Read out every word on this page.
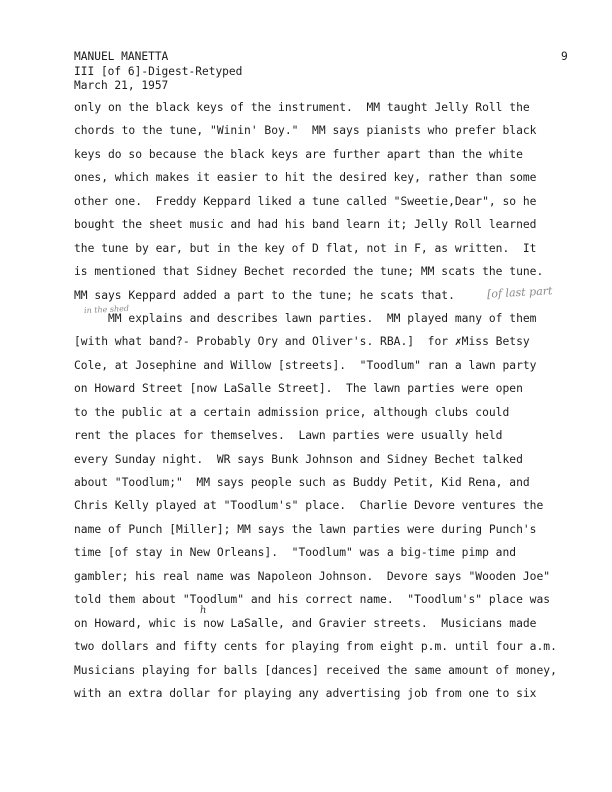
MANUEL MANETTA
III [of 6]-Digest-Retyped
March 21, 1957
9
only on the black keys of the instrument.  MM taught Jelly Roll the
chords to the tune, "Winin' Boy."  MM says pianists who prefer black
keys do so because the black keys are further apart than the white
ones, which makes it easier to hit the desired key, rather than some
other one.  Freddy Keppard liked a tune called "Sweetie,Dear", so he
bought the sheet music and had his band learn it; Jelly Roll learned
the tune by ear, but in the key of D flat, not in F, as written.  It
is mentioned that Sidney Bechet recorded the tune; MM scats the tune.
MM says Keppard added a part to the tune; he scats that.
MM explains and describes lawn parties.  MM played many of them
[with what band?- Probably Ory and Oliver's. RBA.]  for ✗Miss Betsy
Cole, at Josephine and Willow [streets].  "Toodlum" ran a lawn party
on Howard Street [now LaSalle Street].  The lawn parties were open
to the public at a certain admission price, although clubs could
rent the places for themselves.  Lawn parties were usually held
every Sunday night.  WR says Bunk Johnson and Sidney Bechet talked
about "Toodlum;"  MM says people such as Buddy Petit, Kid Rena, and
Chris Kelly played at "Toodlum's" place.  Charlie Devore ventures the
name of Punch [Miller]; MM says the lawn parties were during Punch's
time [of stay in New Orleans].  "Toodlum" was a big-time pimp and
gambler; his real name was Napoleon Johnson.  Devore says "Wooden Joe"
told them about "Toodlum" and his correct name.  "Toodlum's" place was
on Howard, whic is now LaSalle, and Gravier streets.  Musicians made
two dollars and fifty cents for playing from eight p.m. until four a.m.
Musicians playing for balls [dances] received the same amount of money,
with an extra dollar for playing any advertising job from one to six
[of last part
in the shed
h
